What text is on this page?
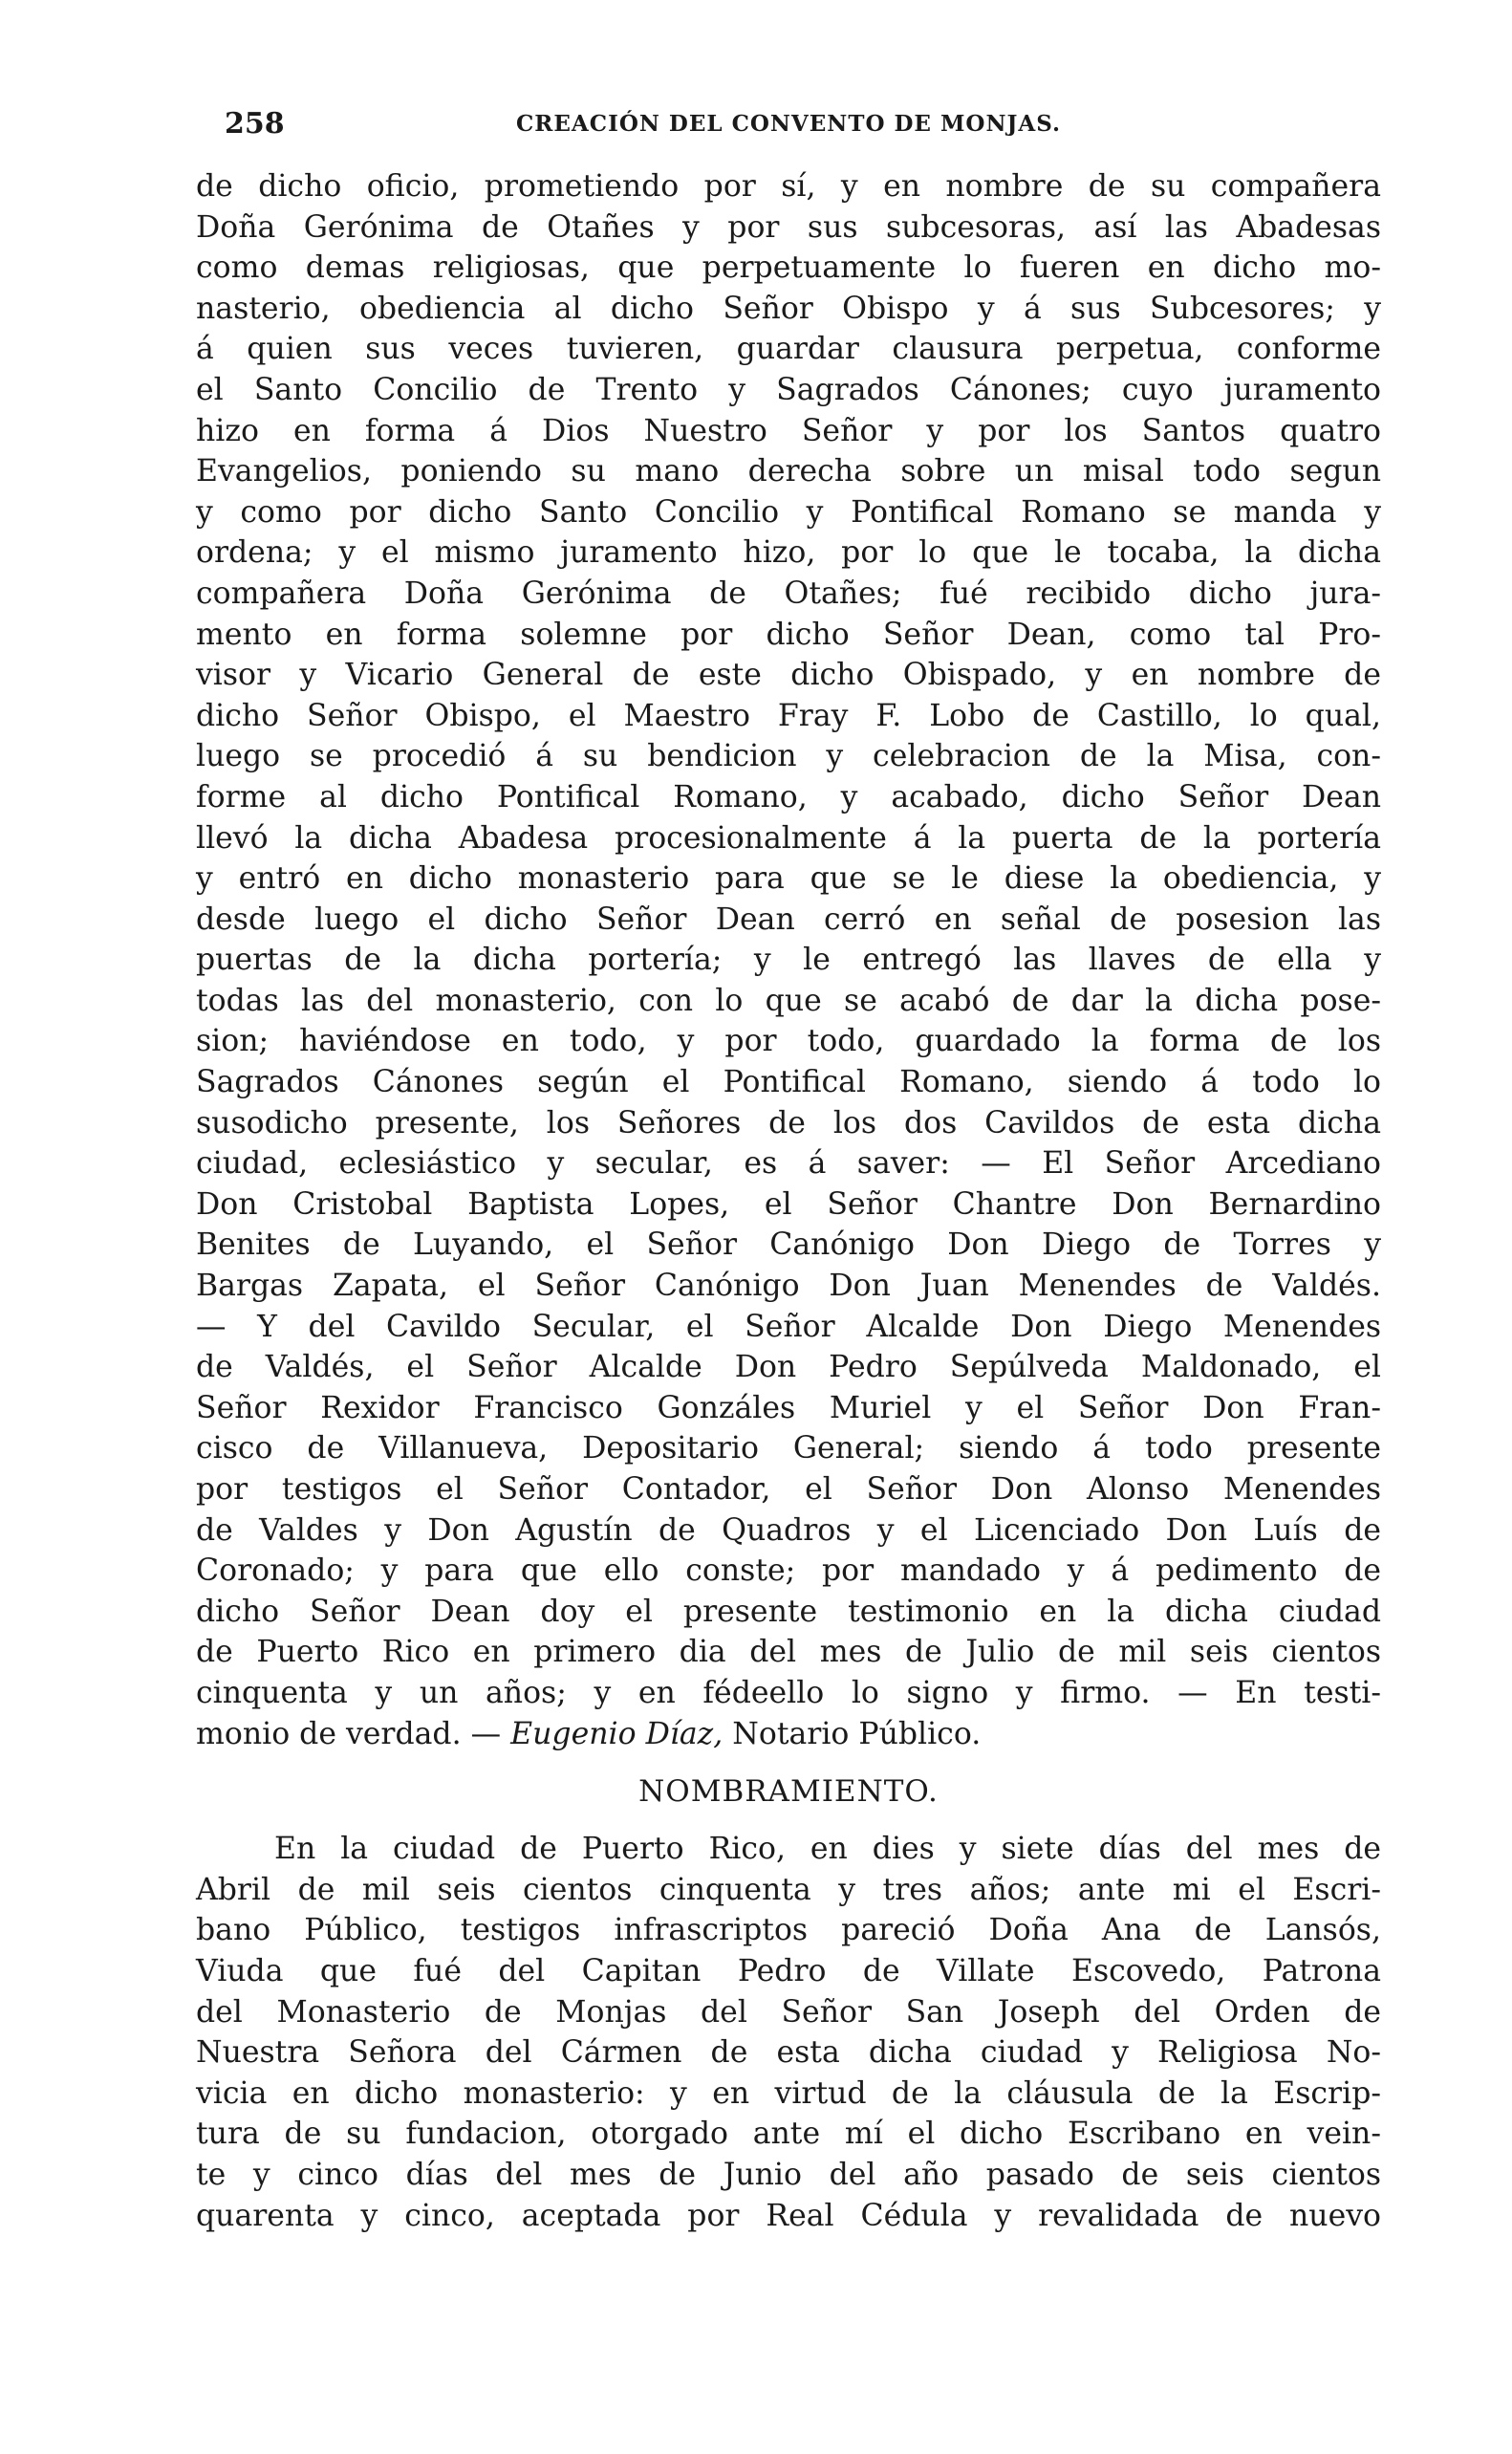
258	CREACIÓN DEL CONVENTO DE MONJAS.
de dicho oficio, prometiendo por sí, y en nombre de su compañera
Doña Gerónima de Otañes y por sus subcesoras, así las Abadesas
como demas religiosas, que perpetuamente lo fueren en dicho mo-
nasterio, obediencia al dicho Señor Obispo y á sus Subcesores; y
á quien sus veces tuvieren, guardar clausura perpetua, conforme
el Santo Concilio de Trento y Sagrados Cánones; cuyo juramento
hizo en forma á Dios Nuestro Señor y por los Santos quatro
Evangelios, poniendo su mano derecha sobre un misal todo segun
y como por dicho Santo Concilio y Pontifical Romano se manda y
ordena; y el mismo juramento hizo, por lo que le tocaba, la dicha
compañera Doña Gerónima de Otañes; fué recibido dicho jura-
mento en forma solemne por dicho Señor Dean, como tal Pro-
visor y Vicario General de este dicho Obispado, y en nombre de
dicho Señor Obispo, el Maestro Fray F. Lobo de Castillo, lo qual,
luego se procedió á su bendicion y celebracion de la Misa, con-
forme al dicho Pontifical Romano, y acabado, dicho Señor Dean
llevó la dicha Abadesa procesionalmente á la puerta de la portería
y entró en dicho monasterio para que se le diese la obediencia, y
desde luego el dicho Señor Dean cerró en señal de posesion las
puertas de la dicha portería; y le entregó las llaves de ella y
todas las del monasterio, con lo que se acabó de dar la dicha pose-
sion; haviéndose en todo, y por todo, guardado la forma de los
Sagrados Cánones según el Pontifical Romano, siendo á todo lo
susodicho presente, los Señores de los dos Cavildos de esta dicha
ciudad, eclesiástico y secular, es á saver: — El Señor Arcediano
Don Cristobal Baptista Lopes, el Señor Chantre Don Bernardino
Benites de Luyando, el Señor Canónigo Don Diego de Torres y
Bargas Zapata, el Señor Canónigo Don Juan Menendes de Valdés.
— Y del Cavildo Secular, el Señor Alcalde Don Diego Menendes
de Valdés, el Señor Alcalde Don Pedro Sepúlveda Maldonado, el
Señor Rexidor Francisco Gonzáles Muriel y el Señor Don Fran-
cisco de Villanueva, Depositario General; siendo á todo presente
por testigos el Señor Contador, el Señor Don Alonso Menendes
de Valdes y Don Agustín de Quadros y el Licenciado Don Luís de
Coronado; y para que ello conste; por mandado y á pedimento de
dicho Señor Dean doy el presente testimonio en la dicha ciudad
de Puerto Rico en primero dia del mes de Julio de mil seis cientos
cinquenta y un años; y en fédeello lo signo y firmo. — En testi-
monio de verdad. — Eugenio Díaz, Notario Público.
NOMBRAMIENTO.
En la ciudad de Puerto Rico, en dies y siete días del mes de
Abril de mil seis cientos cinquenta y tres años; ante mi el Escri-
bano Público, testigos infrascriptos pareció Doña Ana de Lansós,
Viuda que fué del Capitan Pedro de Villate Escovedo, Patrona
del Monasterio de Monjas del Señor San Joseph del Orden de
Nuestra Señora del Cármen de esta dicha ciudad y Religiosa No-
vicia en dicho monasterio: y en virtud de la cláusula de la Escrip-
tura de su fundacion, otorgado ante mí el dicho Escribano en vein-
te y cinco días del mes de Junio del año pasado de seis cientos
quarenta y cinco, aceptada por Real Cédula y revalidada de nuevo
